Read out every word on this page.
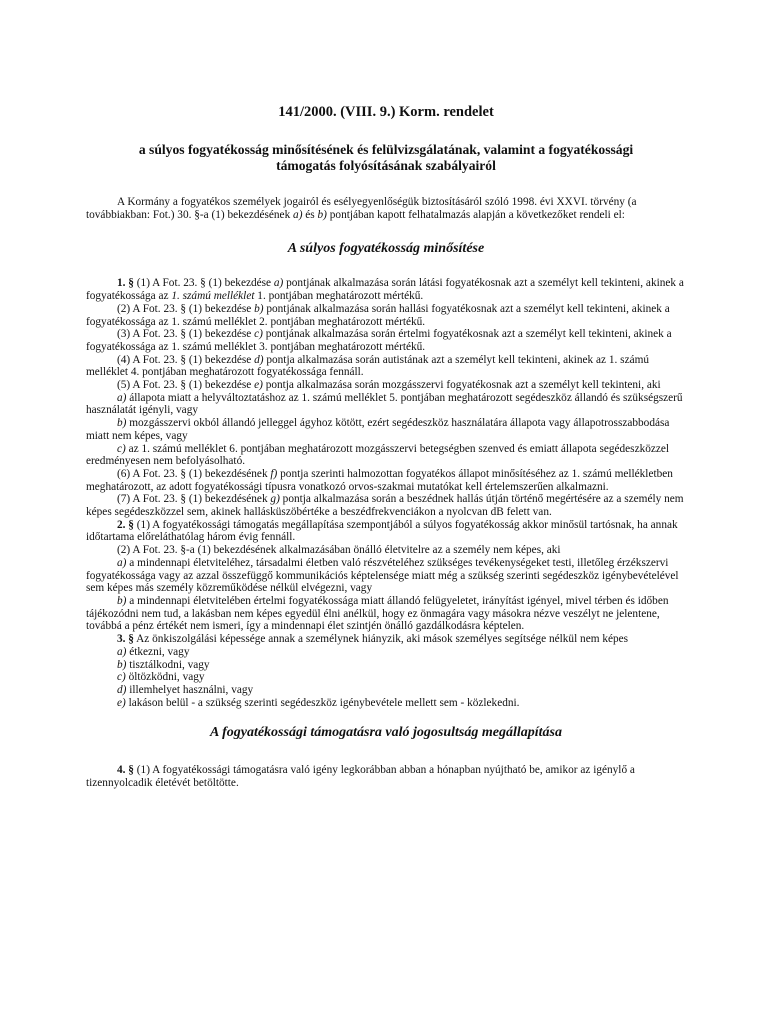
141/2000. (VIII. 9.) Korm. rendelet
a súlyos fogyatékosság minősítésének és felülvizsgálatának, valamint a fogyatékossági
támogatás folyósításának szabályairól
A Kormány a fogyatékos személyek jogairól és esélyegyenlőségük biztosításáról szóló 1998. évi XXVI. törvény (a továbbiakban: Fot.) 30. §-a (1) bekezdésének a) és b) pontjában kapott felhatalmazás alapján a következőket rendeli el:
A súlyos fogyatékosság minősítése
1. § (1) A Fot. 23. § (1) bekezdése a) pontjának alkalmazása során látási fogyatékosnak azt a személyt kell tekinteni, akinek a fogyatékossága az 1. számú melléklet 1. pontjában meghatározott mértékű.
(2) A Fot. 23. § (1) bekezdése b) pontjának alkalmazása során hallási fogyatékosnak azt a személyt kell tekinteni, akinek a fogyatékossága az 1. számú melléklet 2. pontjában meghatározott mértékű.
(3) A Fot. 23. § (1) bekezdése c) pontjának alkalmazása során értelmi fogyatékosnak azt a személyt kell tekinteni, akinek a fogyatékossága az 1. számú melléklet 3. pontjában meghatározott mértékű.
(4) A Fot. 23. § (1) bekezdése d) pontja alkalmazása során autistának azt a személyt kell tekinteni, akinek az 1. számú melléklet 4. pontjában meghatározott fogyatékossága fennáll.
(5) A Fot. 23. § (1) bekezdése e) pontja alkalmazása során mozgásszervi fogyatékosnak azt a személyt kell tekinteni, aki
a) állapota miatt a helyváltoztatáshoz az 1. számú melléklet 5. pontjában meghatározott segédeszköz állandó és szükségszerű használatát igényli, vagy
b) mozgásszervi okból állandó jelleggel ágyhoz kötött, ezért segédeszköz használatára állapota vagy állapotrosszabbodása miatt nem képes, vagy
c) az 1. számú melléklet 6. pontjában meghatározott mozgásszervi betegségben szenved és emiatt állapota segédeszközzel eredményesen nem befolyásolható.
(6) A Fot. 23. § (1) bekezdésének f) pontja szerinti halmozottan fogyatékos állapot minősítéséhez az 1. számú mellékletben meghatározott, az adott fogyatékossági típusra vonatkozó orvos-szakmai mutatókat kell értelemszerűen alkalmazni.
(7) A Fot. 23. § (1) bekezdésének g) pontja alkalmazása során a beszédnek hallás útján történő megértésére az a személy nem képes segédeszközzel sem, akinek hallásküszöbértéke a beszédfrekvenciákon a nyolcvan dB felett van.
2. § (1) A fogyatékossági támogatás megállapítása szempontjából a súlyos fogyatékosság akkor minősül tartósnak, ha annak időtartama előreláthatólag három évig fennáll.
(2) A Fot. 23. §-a (1) bekezdésének alkalmazásában önálló életvitelre az a személy nem képes, aki
a) a mindennapi életviteléhez, társadalmi életben való részvételéhez szükséges tevékenységeket testi, illetőleg érzékszervi fogyatékossága vagy az azzal összefüggő kommunikációs képtelensége miatt még a szükség szerinti segédeszköz igénybevételével sem képes más személy közreműködése nélkül elvégezni, vagy
b) a mindennapi életvitelében értelmi fogyatékossága miatt állandó felügyeletet, irányítást igényel, mivel térben és időben tájékozódni nem tud, a lakásban nem képes egyedül élni anélkül, hogy ez önmagára vagy másokra nézve veszélyt ne jelentene, továbbá a pénz értékét nem ismeri, így a mindennapi élet szintjén önálló gazdálkodásra képtelen.
3. § Az önkiszolgálási képessége annak a személynek hiányzik, aki mások személyes segítsége nélkül nem képes
a) étkezni, vagy
b) tisztálkodni, vagy
c) öltözködni, vagy
d) illemhelyet használni, vagy
e) lakáson belül - a szükség szerinti segédeszköz igénybevétele mellett sem - közlekedni.
A fogyatékossági támogatásra való jogosultság megállapítása
4. § (1) A fogyatékossági támogatásra való igény legkorábban abban a hónapban nyújtható be, amikor az igénylő a tizennyolcadik életévét betöltötte.
